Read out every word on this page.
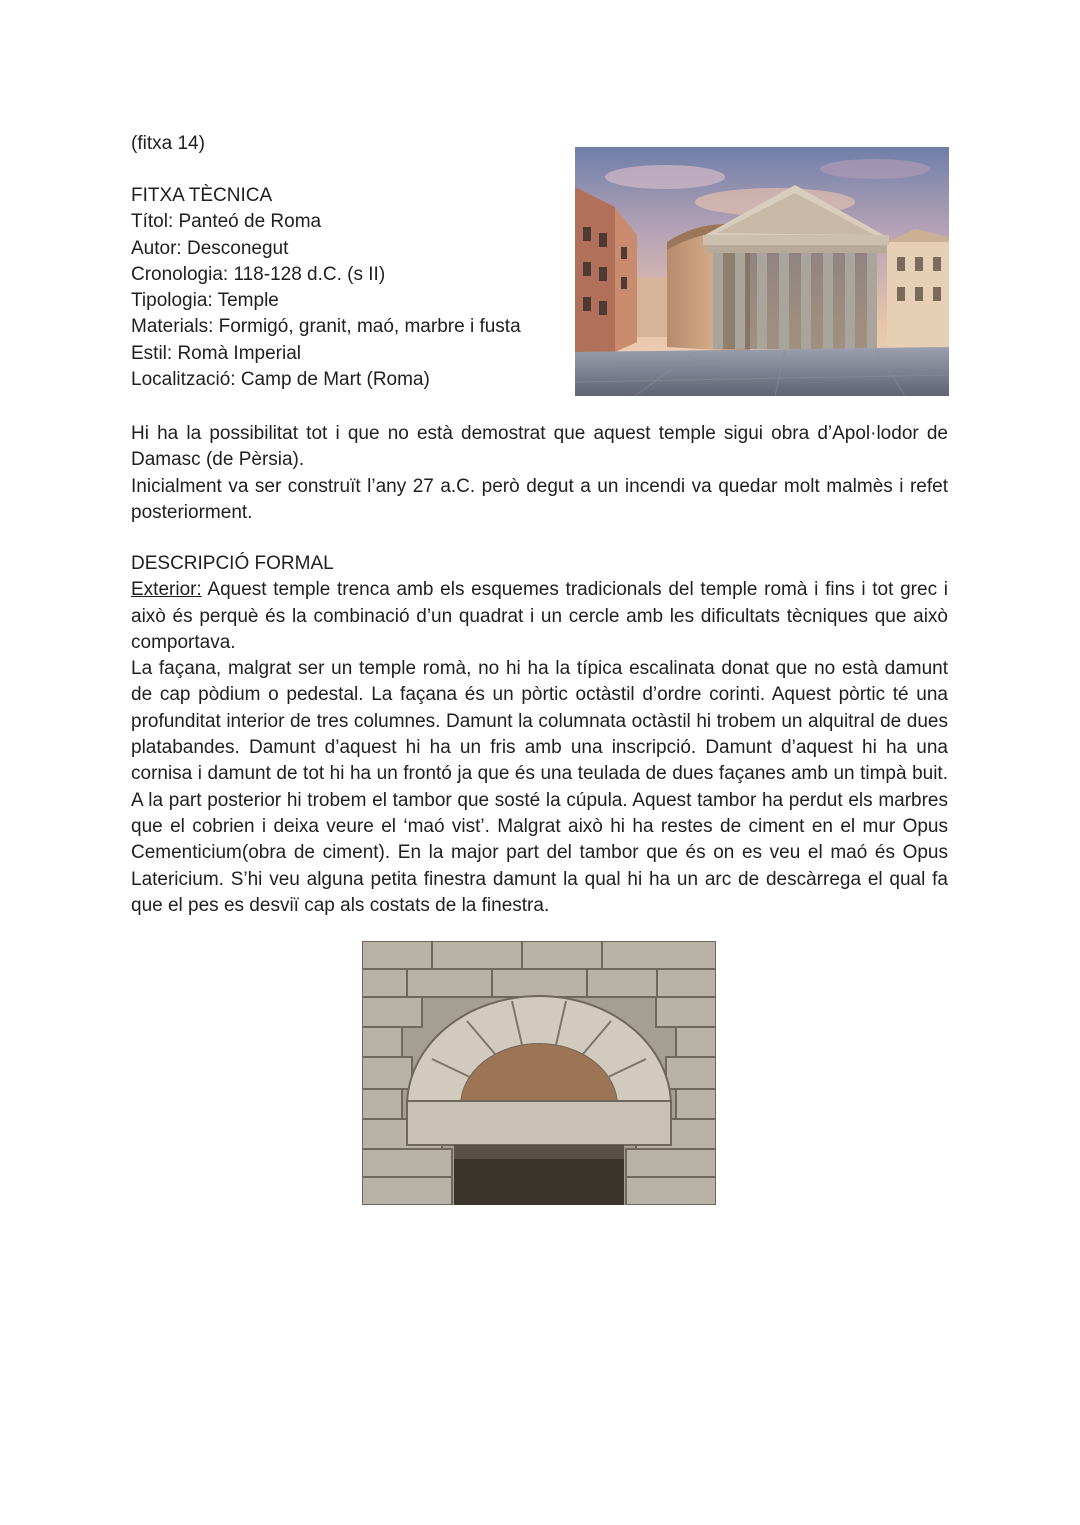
(fitxa 14)
FITXA TÈCNICA
Títol: Panteó de Roma
Autor: Desconegut
Cronologia: 118-128 d.C. (s II)
Tipologia: Temple
Materials: Formigó, granit, maó, marbre i fusta
Estil: Romà Imperial
Localització: Camp de Mart (Roma)

Hi ha la possibilitat tot i que no està demostrat que aquest temple sigui obra d’Apol·lodor de Damasc (de Pèrsia).

Inicialment va ser construït l’any 27 a.C. però degut a un incendi va quedar molt malmès i refet posteriorment.

DESCRIPCIÓ FORMAL

Exterior: Aquest temple trenca amb els esquemes tradicionals del temple romà i fins i tot grec i això és perquè és la combinació d’un quadrat i un cercle amb les dificultats tècniques que això comportava.

La façana, malgrat ser un temple romà, no hi ha la típica escalinata donat que no està damunt de cap pòdium o pedestal. La façana és un pòrtic octàstil d’ordre corinti. Aquest pòrtic té una profunditat interior de tres columnes. Damunt la columnata octàstil hi trobem un alquitral de dues platabandes. Damunt d’aquest hi ha un fris amb una inscripció. Damunt d’aquest hi ha una cornisa i damunt de tot hi ha un frontó ja que és una teulada de dues façanes amb un timpà buit. A la part posterior hi trobem el tambor que sosté la cúpula. Aquest tambor ha perdut els marbres que el cobrien i deixa veure el ‘maó vist’. Malgrat això hi ha restes de ciment en el mur Opus Cementicium(obra de ciment). En la major part del tambor que és on es veu el maó és Opus Latericium. S’hi veu alguna petita finestra damunt la qual hi ha un arc de descàrrega el qual fa que el pes es desviï cap als costats de la finestra.
